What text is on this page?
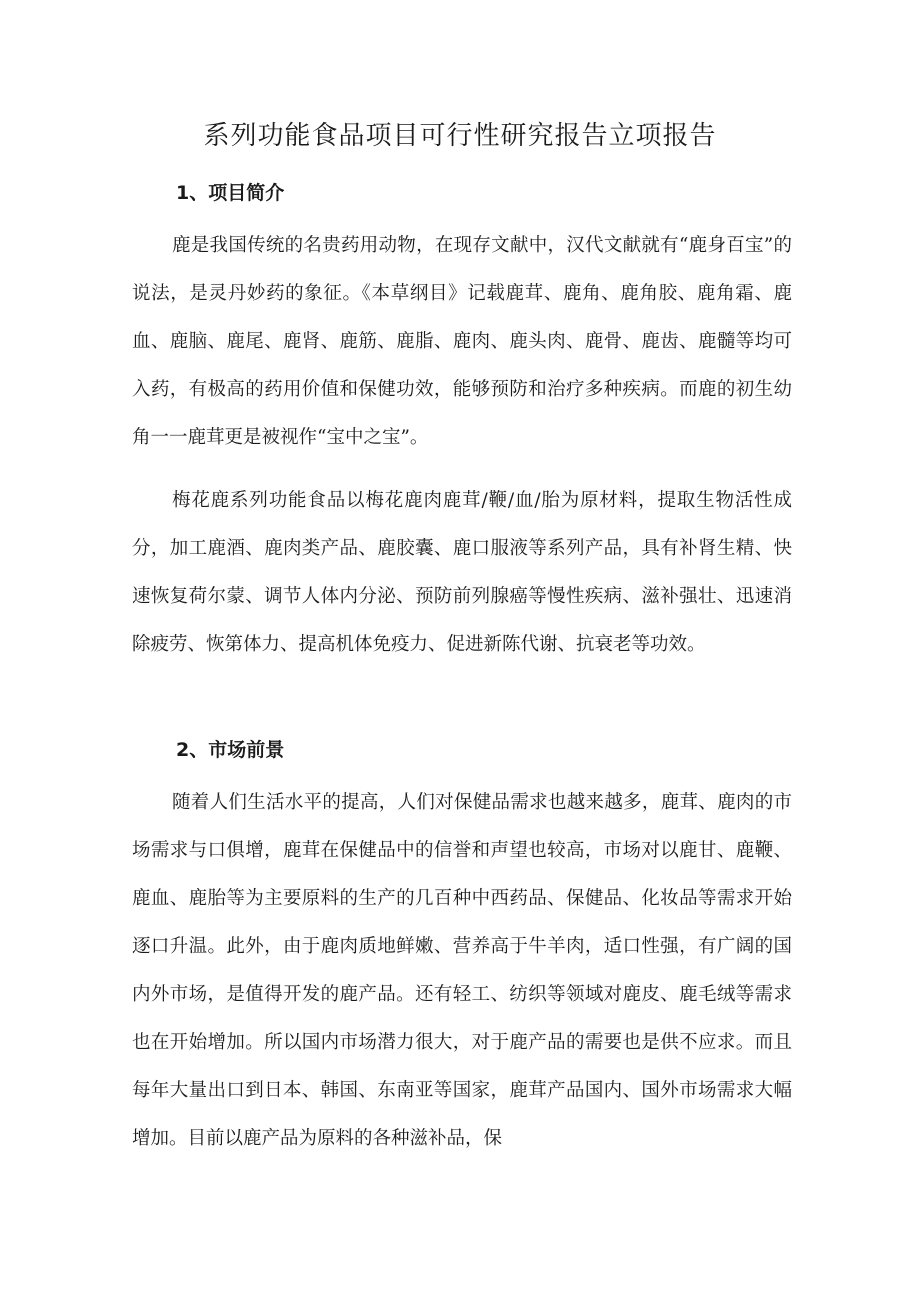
系列功能食品项目可行性研究报告立项报告
1、项目简介

鹿是我国传统的名贵药用动物，在现存文献中，汉代文献就有“鹿身百宝”的说法，是灵丹妙药的象征。《本草纲目》记载鹿茸、鹿角、鹿角胶、鹿角霜、鹿血、鹿脑、鹿尾、鹿肾、鹿筋、鹿脂、鹿肉、鹿头肉、鹿骨、鹿齿、鹿髓等均可入药，有极高的药用价值和保健功效，能够预防和治疗多种疾病。而鹿的初生幼角一一鹿茸更是被视作“宝中之宝”。

梅花鹿系列功能食品以梅花鹿肉鹿茸/鞭/血/胎为原材料，提取生物活性成分，加工鹿酒、鹿肉类产品、鹿胶囊、鹿口服液等系列产品，具有补肾生精、快速恢复荷尔蒙、调节人体内分泌、预防前列腺癌等慢性疾病、滋补强壮、迅速消除疲劳、恢第体力、提高机体免疫力、促进新陈代谢、抗衰老等功效。

2、市场前景

随着人们生活水平的提高，人们对保健品需求也越来越多，鹿茸、鹿肉的市场需求与口俱增，鹿茸在保健品中的信誉和声望也较高，市场对以鹿甘、鹿鞭、鹿血、鹿胎等为主要原料的生产的几百种中西药品、保健品、化妆品等需求开始逐口升温。此外，由于鹿肉质地鲜嫩、营养高于牛羊肉，适口性强，有广阔的国内外市场，是值得开发的鹿产品。还有轻工、纺织等领域对鹿皮、鹿毛绒等需求也在开始增加。所以国内市场潜力很大，对于鹿产品的需要也是供不应求。而且每年大量出口到日本、韩国、东南亚等国家，鹿茸产品国内、国外市场需求大幅增加。目前以鹿产品为原料的各种滋补品，保
